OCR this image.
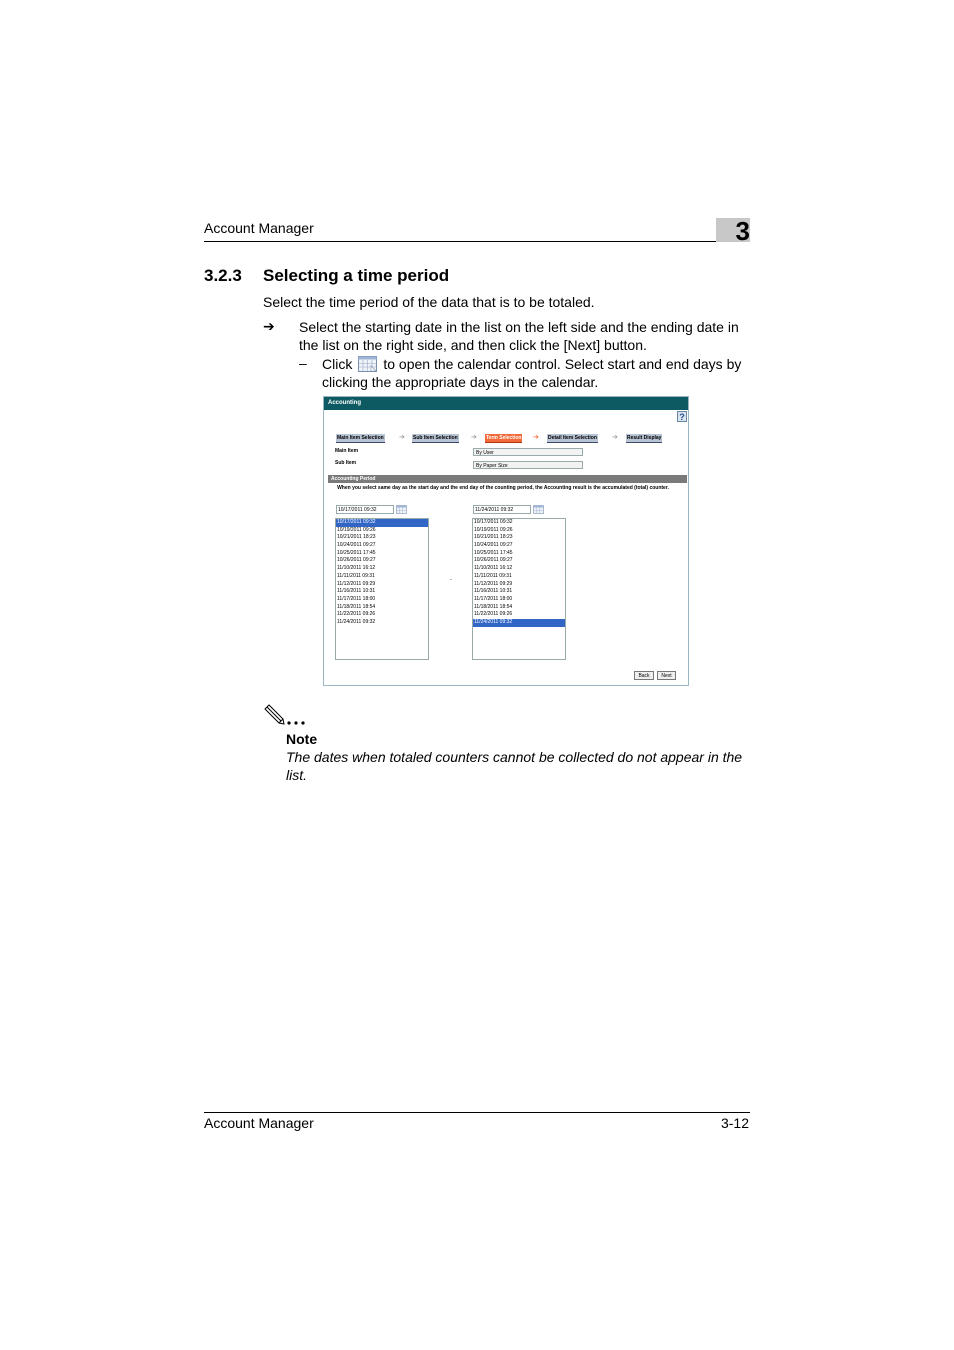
Account Manager	3
3.2.3 Selecting a time period
Select the time period of the data that is to be totaled.
➔ Select the starting date in the list on the left side and the ending date in the list on the right side, and then click the [Next] button.
– Click to open the calendar control. Select start and end days by clicking the appropriate days in the calendar.
Accounting
?
Main Item Selection ➔ Sub Item Selection ➔ Term Selection ➔ Detail Item Selection ➔ Result Display
Main Item	By User
Sub Item	By Paper Size
Accounting Period
When you select same day as the start day and the end day of the counting period, the Accounting result is the accumulated (total) counter.
10/17/2011 09:32	11/24/2011 09:32
10/17/2011 09:32
10/19/2011 09:26
10/21/2011 18:23
10/24/2011 09:27
10/25/2011 17:45
10/26/2011 09:27
11/10/2011 16:12
11/11/2011 09:31
11/12/2011 09:29
11/16/2011 10:31
11/17/2011 18:00
11/18/2011 18:54
11/22/2011 09:26
11/24/2011 09:32
-
10/17/2011 09:32
10/19/2011 09:26
10/21/2011 18:23
10/24/2011 09:27
10/25/2011 17:45
10/26/2011 09:27
11/10/2011 16:12
11/11/2011 09:31
11/12/2011 09:29
11/16/2011 10:31
11/17/2011 18:00
11/18/2011 18:54
11/22/2011 09:26
11/24/2011 09:32
Back	Next
Note
The dates when totaled counters cannot be collected do not appear in the list.
Account Manager	3-12
